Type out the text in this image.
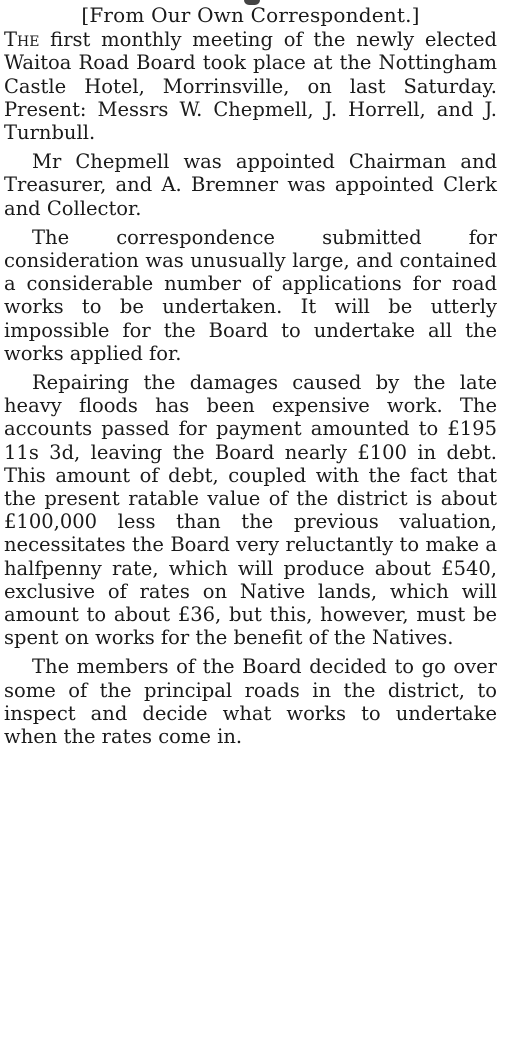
[From Our Own Correspondent.]

The first monthly meeting of the newly elected Waitoa Road Board took place at the Nottingham Castle Hotel, Morrinsville, on last Saturday. Present: Messrs W. Chepmell, J. Horrell, and J. Turnbull.

Mr Chepmell was appointed Chairman and Treasurer, and A. Bremner was appointed Clerk and Collector.

The correspondence submitted for consideration was unusually large, and contained a considerable number of applications for road works to be undertaken. It will be utterly impossible for the Board to undertake all the works applied for.

Repairing the damages caused by the late heavy floods has been expensive work. The accounts passed for payment amounted to £195 11s 3d, leaving the Board nearly £100 in debt. This amount of debt, coupled with the fact that the present ratable value of the district is about £100,000 less than the previous valuation, necessitates the Board very reluctantly to make a halfpenny rate, which will produce about £540, exclusive of rates on Native lands, which will amount to about £36, but this, however, must be spent on works for the benefit of the Natives.

The members of the Board decided to go over some of the principal roads in the district, to inspect and decide what works to undertake when the rates come in.
